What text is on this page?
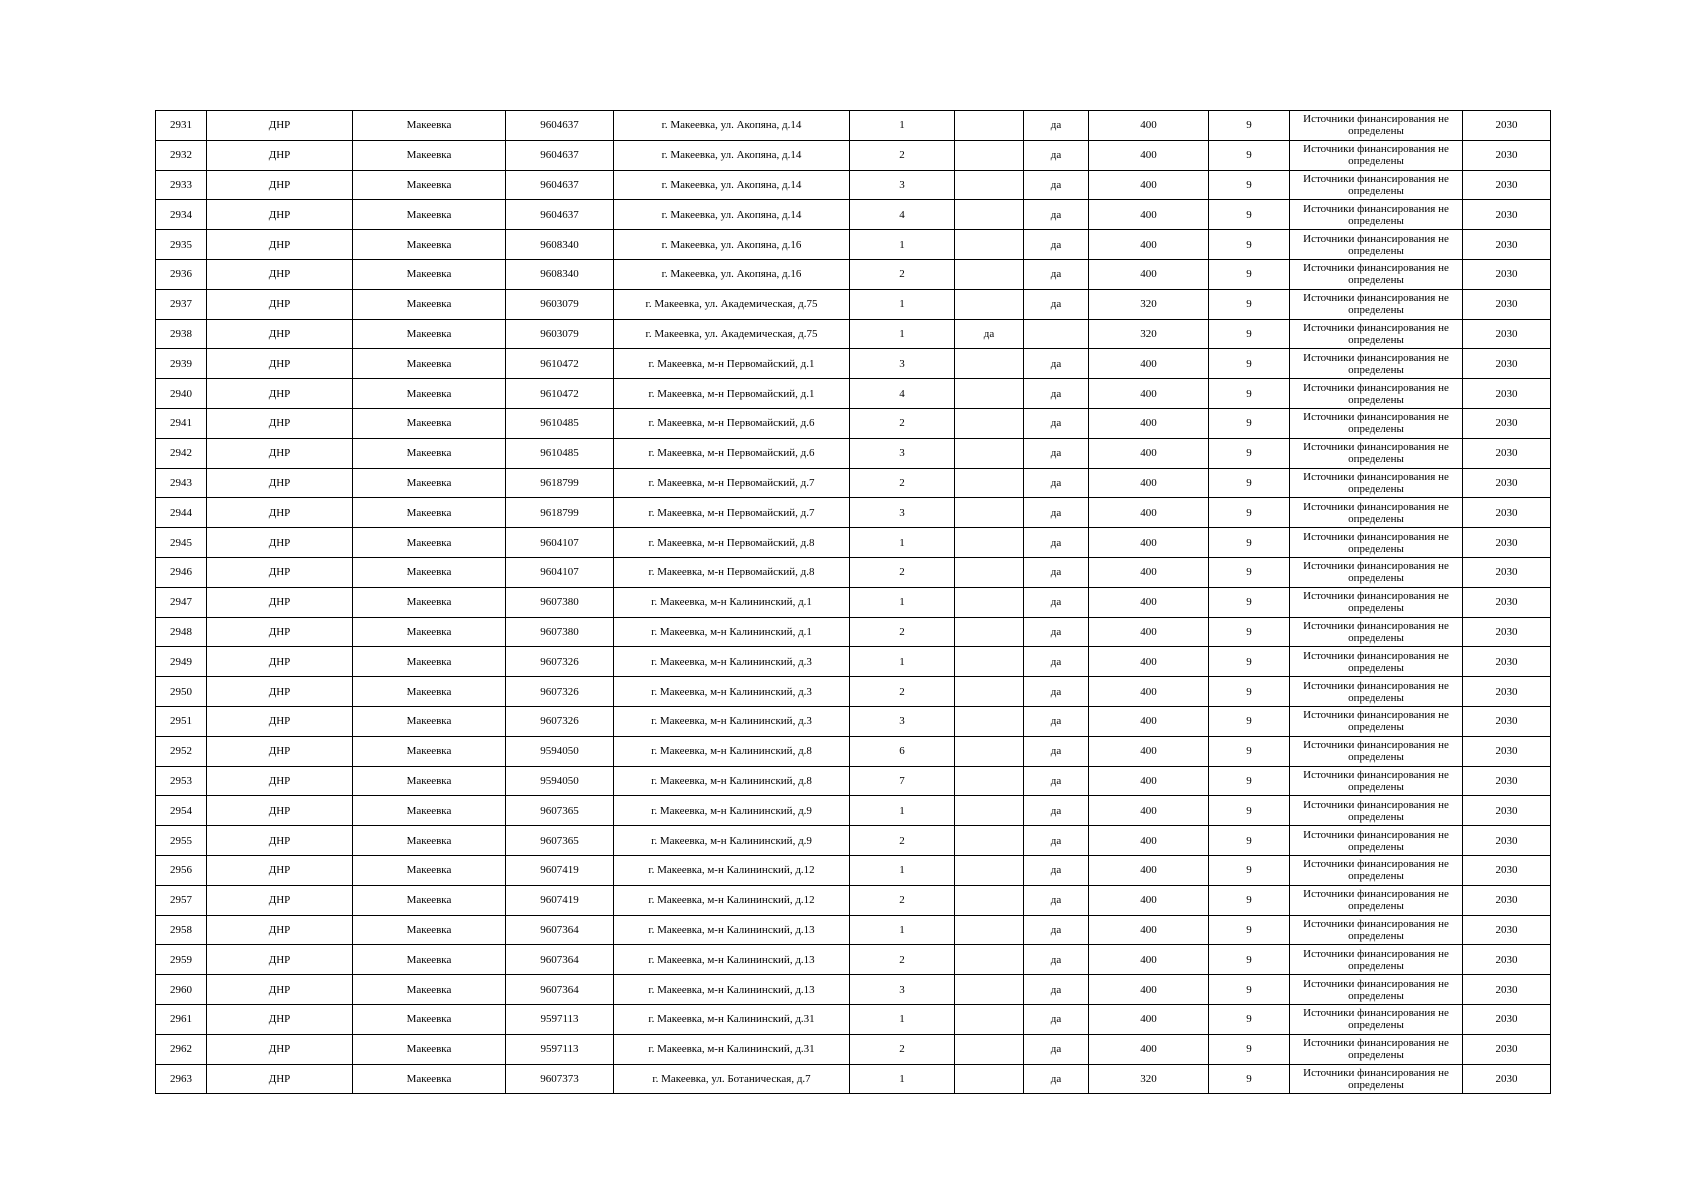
2931	ДНР	Макеевка	9604637	г. Макеевка, ул. Акопяна, д.14	1		да	400	9	Источники финансирования не определены	2030
2932	ДНР	Макеевка	9604637	г. Макеевка, ул. Акопяна, д.14	2		да	400	9	Источники финансирования не определены	2030
2933	ДНР	Макеевка	9604637	г. Макеевка, ул. Акопяна, д.14	3		да	400	9	Источники финансирования не определены	2030
2934	ДНР	Макеевка	9604637	г. Макеевка, ул. Акопяна, д.14	4		да	400	9	Источники финансирования не определены	2030
2935	ДНР	Макеевка	9608340	г. Макеевка, ул. Акопяна, д.16	1		да	400	9	Источники финансирования не определены	2030
2936	ДНР	Макеевка	9608340	г. Макеевка, ул. Акопяна, д.16	2		да	400	9	Источники финансирования не определены	2030
2937	ДНР	Макеевка	9603079	г. Макеевка, ул. Академическая, д.75	1		да	320	9	Источники финансирования не определены	2030
2938	ДНР	Макеевка	9603079	г. Макеевка, ул. Академическая, д.75	1	да		320	9	Источники финансирования не определены	2030
2939	ДНР	Макеевка	9610472	г. Макеевка, м-н Первомайский, д.1	3		да	400	9	Источники финансирования не определены	2030
2940	ДНР	Макеевка	9610472	г. Макеевка, м-н Первомайский, д.1	4		да	400	9	Источники финансирования не определены	2030
2941	ДНР	Макеевка	9610485	г. Макеевка, м-н Первомайский, д.6	2		да	400	9	Источники финансирования не определены	2030
2942	ДНР	Макеевка	9610485	г. Макеевка, м-н Первомайский, д.6	3		да	400	9	Источники финансирования не определены	2030
2943	ДНР	Макеевка	9618799	г. Макеевка, м-н Первомайский, д.7	2		да	400	9	Источники финансирования не определены	2030
2944	ДНР	Макеевка	9618799	г. Макеевка, м-н Первомайский, д.7	3		да	400	9	Источники финансирования не определены	2030
2945	ДНР	Макеевка	9604107	г. Макеевка, м-н Первомайский, д.8	1		да	400	9	Источники финансирования не определены	2030
2946	ДНР	Макеевка	9604107	г. Макеевка, м-н Первомайский, д.8	2		да	400	9	Источники финансирования не определены	2030
2947	ДНР	Макеевка	9607380	г. Макеевка, м-н Калининский, д.1	1		да	400	9	Источники финансирования не определены	2030
2948	ДНР	Макеевка	9607380	г. Макеевка, м-н Калининский, д.1	2		да	400	9	Источники финансирования не определены	2030
2949	ДНР	Макеевка	9607326	г. Макеевка, м-н Калининский, д.3	1		да	400	9	Источники финансирования не определены	2030
2950	ДНР	Макеевка	9607326	г. Макеевка, м-н Калининский, д.3	2		да	400	9	Источники финансирования не определены	2030
2951	ДНР	Макеевка	9607326	г. Макеевка, м-н Калининский, д.3	3		да	400	9	Источники финансирования не определены	2030
2952	ДНР	Макеевка	9594050	г. Макеевка, м-н Калининский, д.8	6		да	400	9	Источники финансирования не определены	2030
2953	ДНР	Макеевка	9594050	г. Макеевка, м-н Калининский, д.8	7		да	400	9	Источники финансирования не определены	2030
2954	ДНР	Макеевка	9607365	г. Макеевка, м-н Калининский, д.9	1		да	400	9	Источники финансирования не определены	2030
2955	ДНР	Макеевка	9607365	г. Макеевка, м-н Калининский, д.9	2		да	400	9	Источники финансирования не определены	2030
2956	ДНР	Макеевка	9607419	г. Макеевка, м-н Калининский, д.12	1		да	400	9	Источники финансирования не определены	2030
2957	ДНР	Макеевка	9607419	г. Макеевка, м-н Калининский, д.12	2		да	400	9	Источники финансирования не определены	2030
2958	ДНР	Макеевка	9607364	г. Макеевка, м-н Калининский, д.13	1		да	400	9	Источники финансирования не определены	2030
2959	ДНР	Макеевка	9607364	г. Макеевка, м-н Калининский, д.13	2		да	400	9	Источники финансирования не определены	2030
2960	ДНР	Макеевка	9607364	г. Макеевка, м-н Калининский, д.13	3		да	400	9	Источники финансирования не определены	2030
2961	ДНР	Макеевка	9597113	г. Макеевка, м-н Калининский, д.31	1		да	400	9	Источники финансирования не определены	2030
2962	ДНР	Макеевка	9597113	г. Макеевка, м-н Калининский, д.31	2		да	400	9	Источники финансирования не определены	2030
2963	ДНР	Макеевка	9607373	г. Макеевка, ул. Ботаническая, д.7	1		да	320	9	Источники финансирования не определены	2030
